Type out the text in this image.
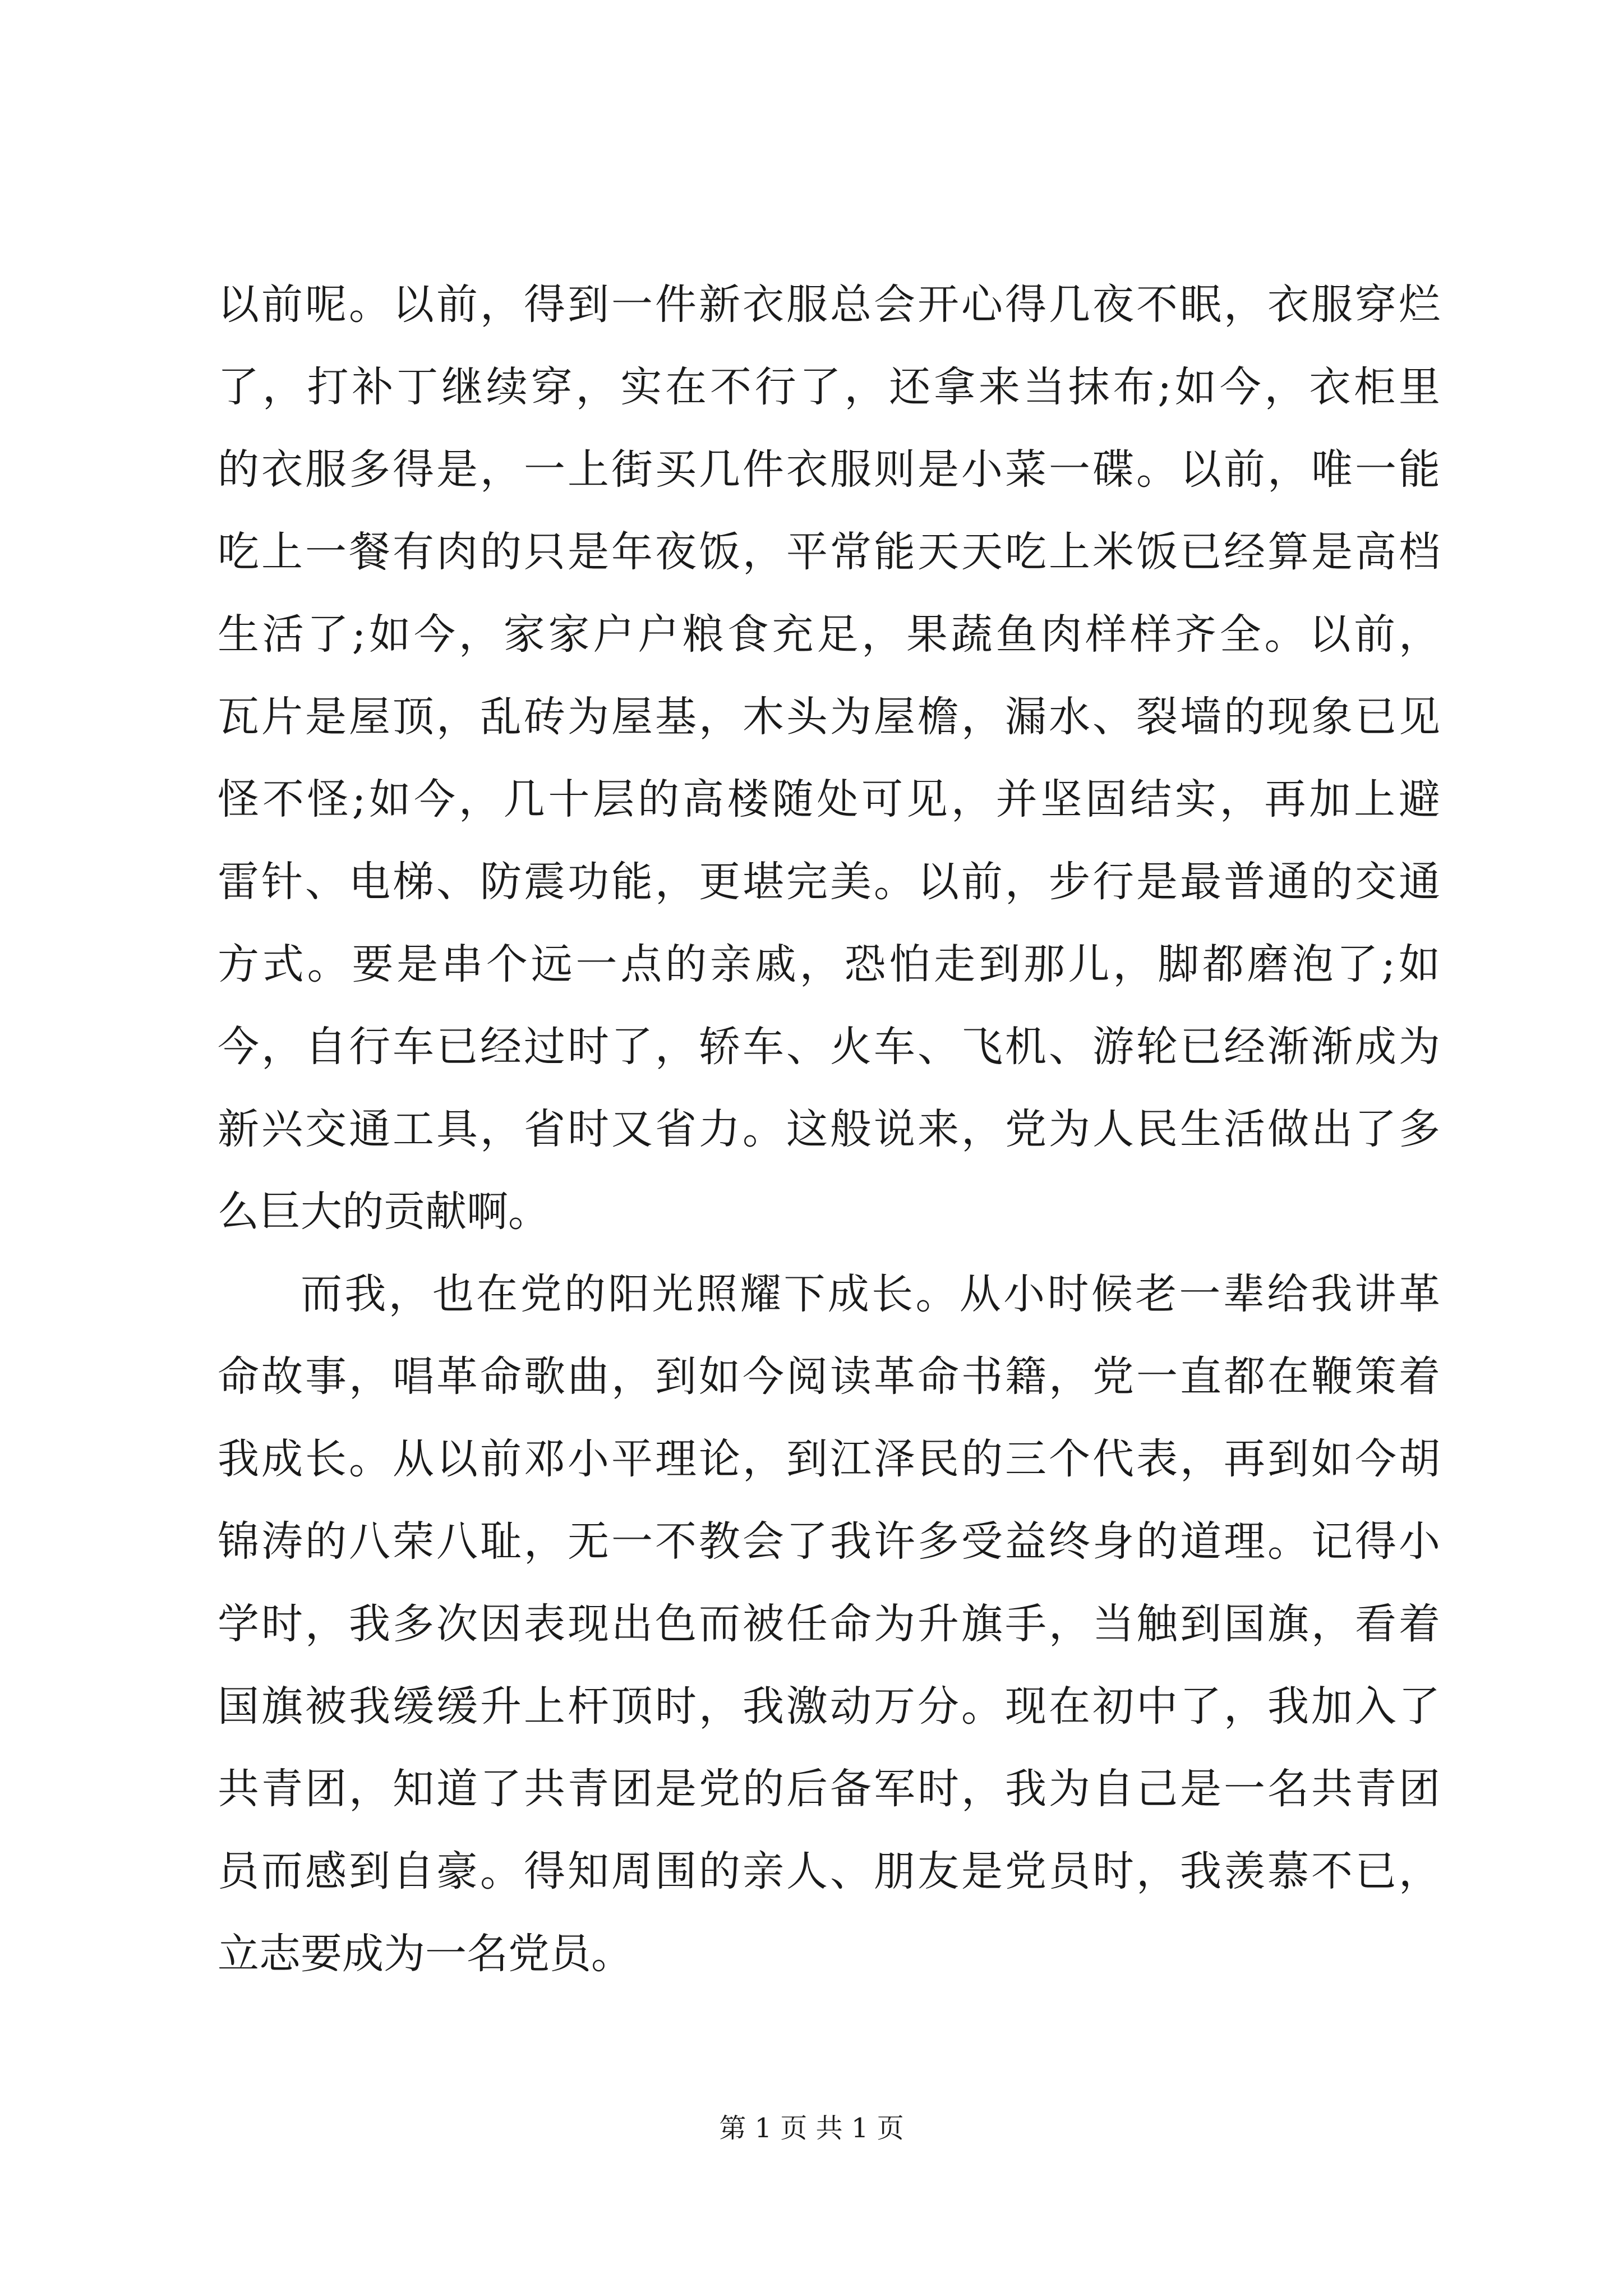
以前呢。以前，得到一件新衣服总会开心得几夜不眠，衣服穿烂
了，打补丁继续穿，实在不行了，还拿来当抹布;如今，衣柜里
的衣服多得是，一上街买几件衣服则是小菜一碟。以前，唯一能
吃上一餐有肉的只是年夜饭，平常能天天吃上米饭已经算是高档
生活了;如今，家家户户粮食充足，果蔬鱼肉样样齐全。以前，
瓦片是屋顶，乱砖为屋基，木头为屋檐，漏水、裂墙的现象已见
怪不怪;如今，几十层的高楼随处可见，并坚固结实，再加上避
雷针、电梯、防震功能，更堪完美。以前，步行是最普通的交通
方式。要是串个远一点的亲戚，恐怕走到那儿，脚都磨泡了;如
今，自行车已经过时了，轿车、火车、飞机、游轮已经渐渐成为
新兴交通工具，省时又省力。这般说来，党为人民生活做出了多
么巨大的贡献啊。
而我，也在党的阳光照耀下成长。从小时候老一辈给我讲革
命故事，唱革命歌曲，到如今阅读革命书籍，党一直都在鞭策着
我成长。从以前邓小平理论，到江泽民的三个代表，再到如今胡
锦涛的八荣八耻，无一不教会了我许多受益终身的道理。记得小
学时，我多次因表现出色而被任命为升旗手，当触到国旗，看着
国旗被我缓缓升上杆顶时，我激动万分。现在初中了，我加入了
共青团，知道了共青团是党的后备军时，我为自己是一名共青团
员而感到自豪。得知周围的亲人、朋友是党员时，我羡慕不已，
立志要成为一名党员。
第 1 页 共 1 页
